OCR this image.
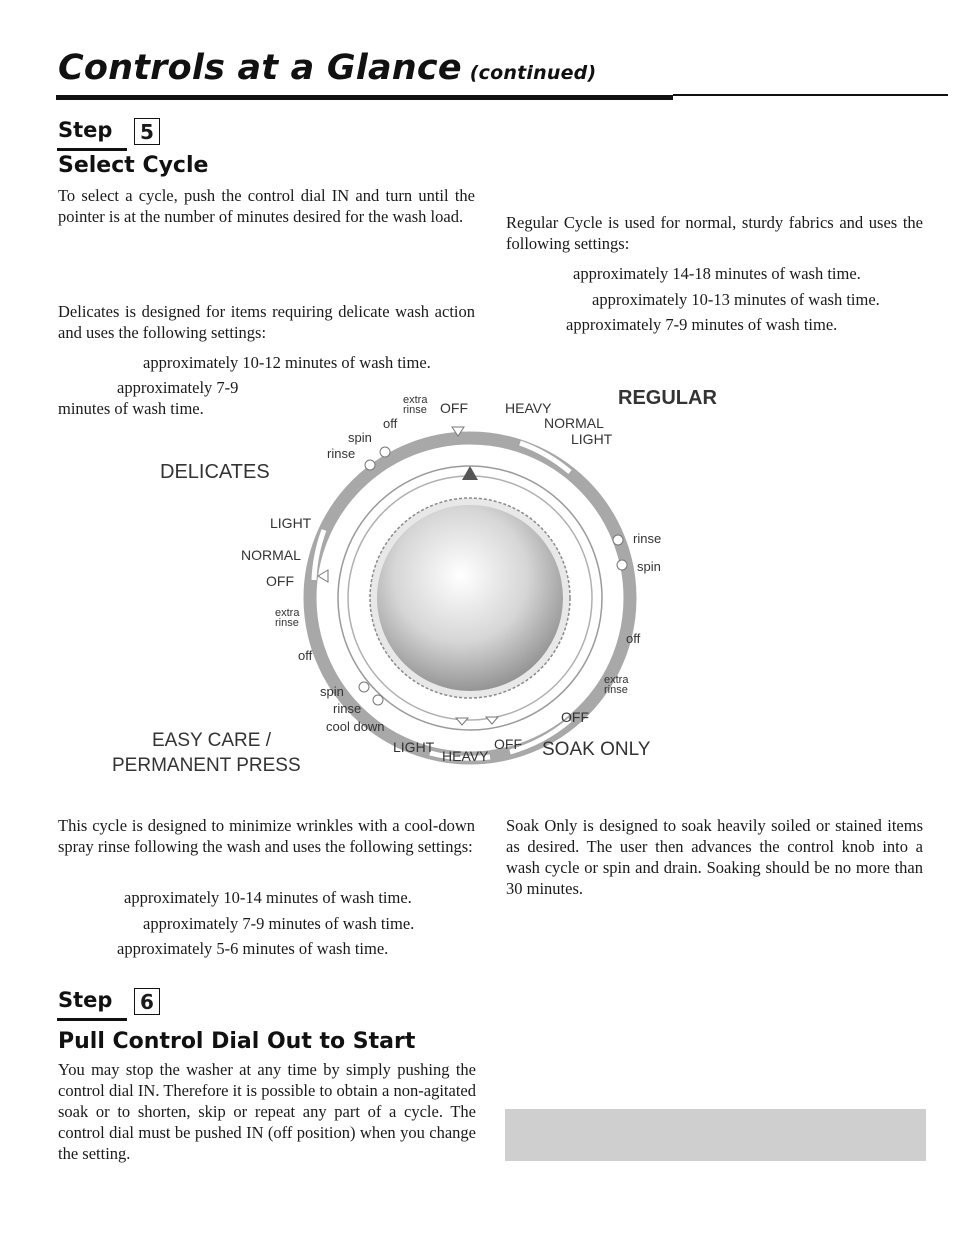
Controls at a Glance (continued)
Step	5
Select Cycle
To select a cycle, push the control dial IN and turn until the pointer is at the number of minutes desired for the wash load.
Delicates is designed for items requiring delicate wash action and uses the following settings:
approximately 10-12 minutes of wash time.
approximately 7-9
minutes of wash time.
Regular Cycle is used for normal, sturdy fabrics and uses the following settings:
approximately 14-18 minutes of wash time.
approximately 10-13 minutes of wash time.
approximately 7-9 minutes of wash time.
REGULAR
DELICATES
EASY CARE /
PERMANENT PRESS
SOAK ONLY
extra
rinse OFF
off
spin
rinse
HEAVY
NORMAL
LIGHT
LIGHT
NORMAL
OFF
extra
rinse
off
spin
rinse
cool down
LIGHT
HEAVY
OFF
OFF
rinse
spin
off
extra
rinse
This cycle is designed to minimize wrinkles with a cool-down spray rinse following the wash and uses the following settings:
approximately 10-14 minutes of wash time.
approximately 7-9 minutes of wash time.
approximately 5-6 minutes of wash time.
Soak Only is designed to soak heavily soiled or stained items as desired. The user then advances the control knob into a wash cycle or spin and drain. Soaking should be no more than 30 minutes.
Step	6
Pull Control Dial Out to Start
You may stop the washer at any time by simply pushing the control dial IN. Therefore it is possible to obtain a non-agitated soak or to shorten, skip or repeat any part of a cycle. The control dial must be pushed IN (off position) when you change the setting.
